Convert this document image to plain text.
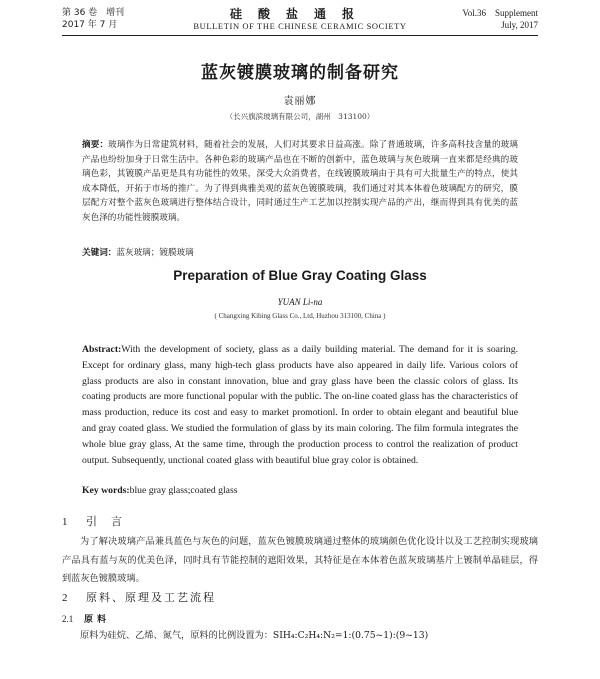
第 36 卷　增刊
2017 年 7 月
硅酸盐通报
BULLETIN OF THE CHINESE CERAMIC SOCIETY
Vol.36　Supplement
July, 2017
蓝灰镀膜玻璃的制备研究
袁丽娜
（长兴旗滨玻璃有限公司，湖州　313100）
摘要：玻璃作为日常建筑材料，随着社会的发展，人们对其要求日益高涨。除了普通玻璃，许多高科技含量的玻璃产品也纷纷加身于日常生活中。各种色彩的玻璃产品也在不断的创新中，蓝色玻璃与灰色玻璃一直来都是经典的玻璃色彩，其镀膜产品更是具有功能性的效果，深受大众消费者，在线镀膜玻璃由于具有可大批量生产的特点，使其成本降低，开拓于市场的推广。为了得到典雅美观的蓝灰色镀膜玻璃，我们通过对其本体着色玻璃配方的研究，膜层配方对整个蓝灰色玻璃进行整体结合设计，同时通过生产工艺加以控制实现产品的产出，继而得到具有优美的蓝灰色泽的功能性镀膜玻璃。
关键词：蓝灰玻璃；镀膜玻璃
Preparation of Blue Gray Coating Glass
YUAN Li-na
( Changxing Kibing Glass Co., Ltd, Huzhou 313100, China )
Abstract:With the development of society, glass as a daily building material. The demand for it is soaring. Except for ordinary glass, many high-tech glass products have also appeared in daily life. Various colors of glass products are also in constant innovation, blue and gray glass have been the classic colors of glass. Its coating products are more functional popular with the public. The on-line coated glass has the characteristics of mass production, reduce its cost and easy to market promotionl. In order to obtain elegant and beautiful blue and gray coated glass. We studied the formulation of glass by its main coloring. The film formula integrates the whole blue gray glass, At the same time, through the production process to control the realization of product output. Subsequently, unctional coated glass with beautiful blue gray color is obtained.
Key words:blue gray glass;coated glass
1 引言
为了解决玻璃产品兼具蓝色与灰色的问题，蓝灰色镀膜玻璃通过整体的玻璃颜色优化设计以及工艺控制实现玻璃产品具有蓝与灰的优美色泽，同时具有节能控制的遮阳效果，其特征是在本体着色蓝灰玻璃基片上镀制单晶硅层，得到蓝灰色镀膜玻璃。
2 原料、原理及工艺流程
2.1 原料
原料为硅烷、乙烯、氮气，原料的比例设置为：SIH₄:C₂H₄:N₂=1:(0.75~1):(9~13)
